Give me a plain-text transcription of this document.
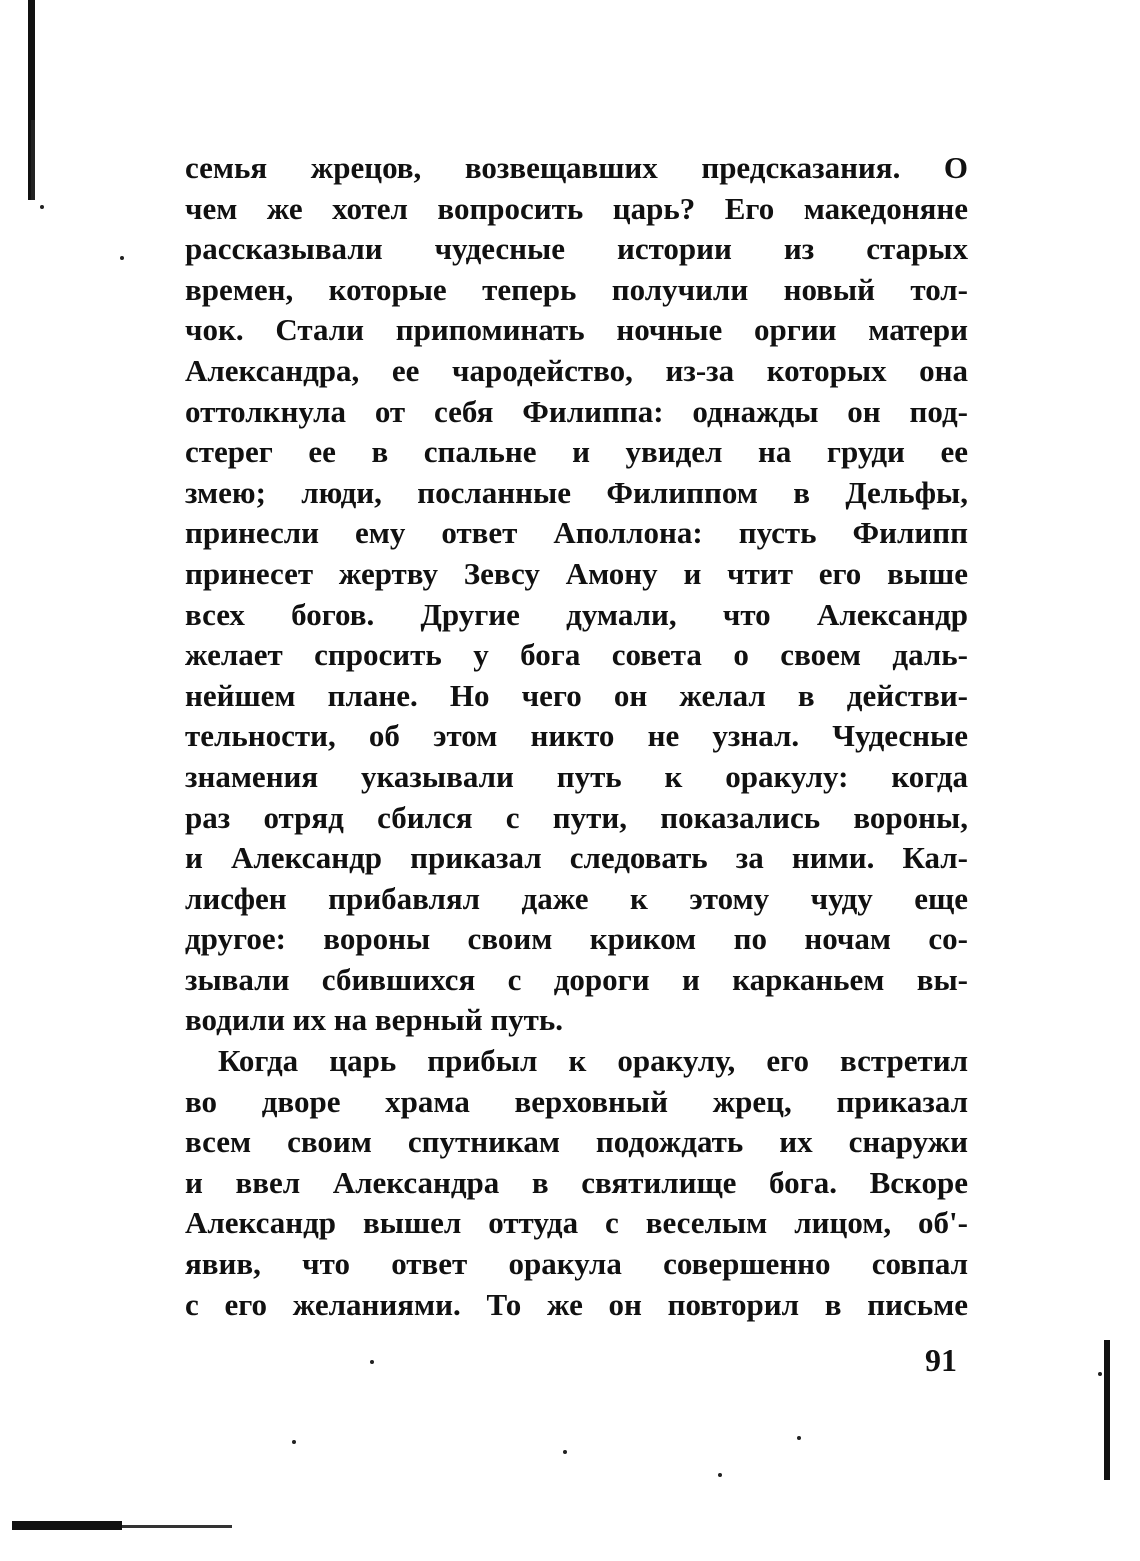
семья жрецов, возвещавших предсказания. О
чем же хотел вопросить царь? Его македоняне
рассказывали чудесные истории из старых
времен, которые теперь получили новый тол-
чок. Стали припоминать ночные оргии матери
Александра, ее чародейство, из-за которых она
оттолкнула от себя Филиппа: однажды он под-
стерег ее в спальне и увидел на груди ее
змею; люди, посланные Филиппом в Дельфы,
принесли ему ответ Аполлона: пусть Филипп
принесет жертву Зевсу Амону и чтит его выше
всех богов. Другие думали, что Александр
желает спросить у бога совета о своем даль-
нейшем плане. Но чего он желал в действи-
тельности, об этом никто не узнал. Чудесные
знамения указывали путь к оракулу: когда
раз отряд сбился с пути, показались вороны,
и Александр приказал следовать за ними. Кал-
лисфен прибавлял даже к этому чуду еще
другое: вороны своим криком по ночам со-
зывали сбившихся с дороги и карканьем вы-
водили их на верный путь.
Когда царь прибыл к оракулу, его встретил
во дворе храма верховный жрец, приказал
всем своим спутникам подождать их снаружи
и ввел Александра в святилище бога. Вскоре
Александр вышел оттуда с веселым лицом, об'-
явив, что ответ оракула совершенно совпал
с его желаниями. То же он повторил в письме
91
